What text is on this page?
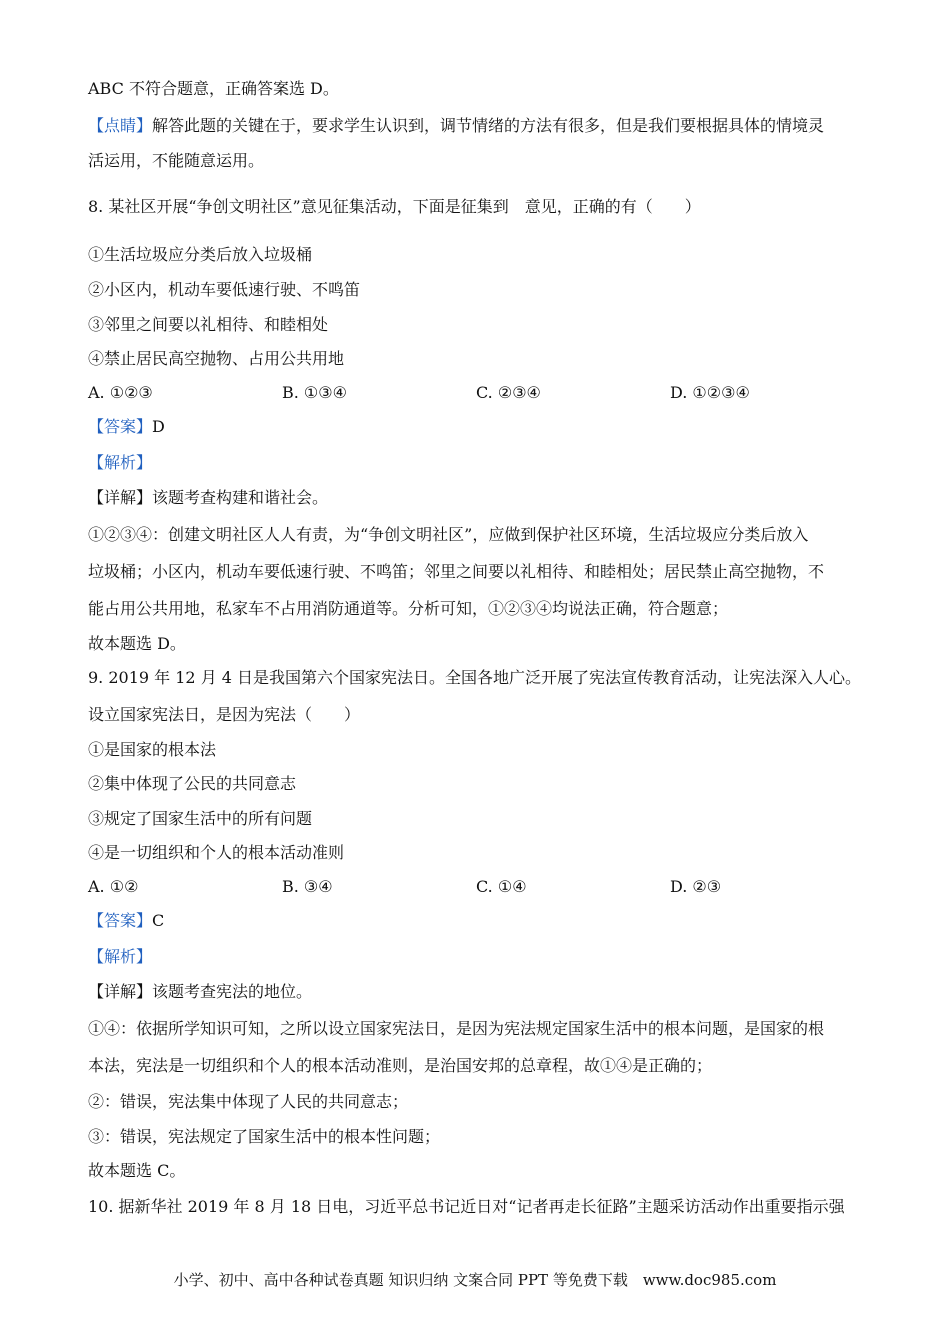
ABC 不符合题意，正确答案选 D。
【点睛】解答此题的关键在于，要求学生认识到，调节情绪的方法有很多，但是我们要根据具体的情境灵
活运用，不能随意运用。
8. 某社区开展“争创文明社区”意见征集活动，下面是征集到　意见，正确的有（　　）
①生活垃圾应分类后放入垃圾桶
②小区内，机动车要低速行驶、不鸣笛
③邻里之间要以礼相待、和睦相处
④禁止居民高空抛物、占用公共用地
A. ①②③	B. ①③④	C. ②③④	D. ①②③④
【答案】D
【解析】
【详解】该题考查构建和谐社会。
①②③④：创建文明社区人人有责，为“争创文明社区”，应做到保护社区环境，生活垃圾应分类后放入
垃圾桶；小区内，机动车要低速行驶、不鸣笛；邻里之间要以礼相待、和睦相处；居民禁止高空抛物，不
能占用公共用地，私家车不占用消防通道等。分析可知，①②③④均说法正确，符合题意；
故本题选 D。
9. 2019 年 12 月 4 日是我国第六个国家宪法日。全国各地广泛开展了宪法宣传教育活动，让宪法深入人心。
设立国家宪法日，是因为宪法（　　）
①是国家的根本法
②集中体现了公民的共同意志
③规定了国家生活中的所有问题
④是一切组织和个人的根本活动准则
A. ①②	B. ③④	C. ①④	D. ②③
【答案】C
【解析】
【详解】该题考查宪法的地位。
①④：依据所学知识可知，之所以设立国家宪法日，是因为宪法规定国家生活中的根本问题，是国家的根
本法，宪法是一切组织和个人的根本活动准则，是治国安邦的总章程，故①④是正确的；
②：错误，宪法集中体现了人民的共同意志；
③：错误，宪法规定了国家生活中的根本性问题；
故本题选 C。
10. 据新华社 2019 年 8 月 18 日电，习近平总书记近日对“记者再走长征路”主题采访活动作出重要指示强
小学、初中、高中各种试卷真题 知识归纳 文案合同 PPT 等免费下载　www.doc985.com
